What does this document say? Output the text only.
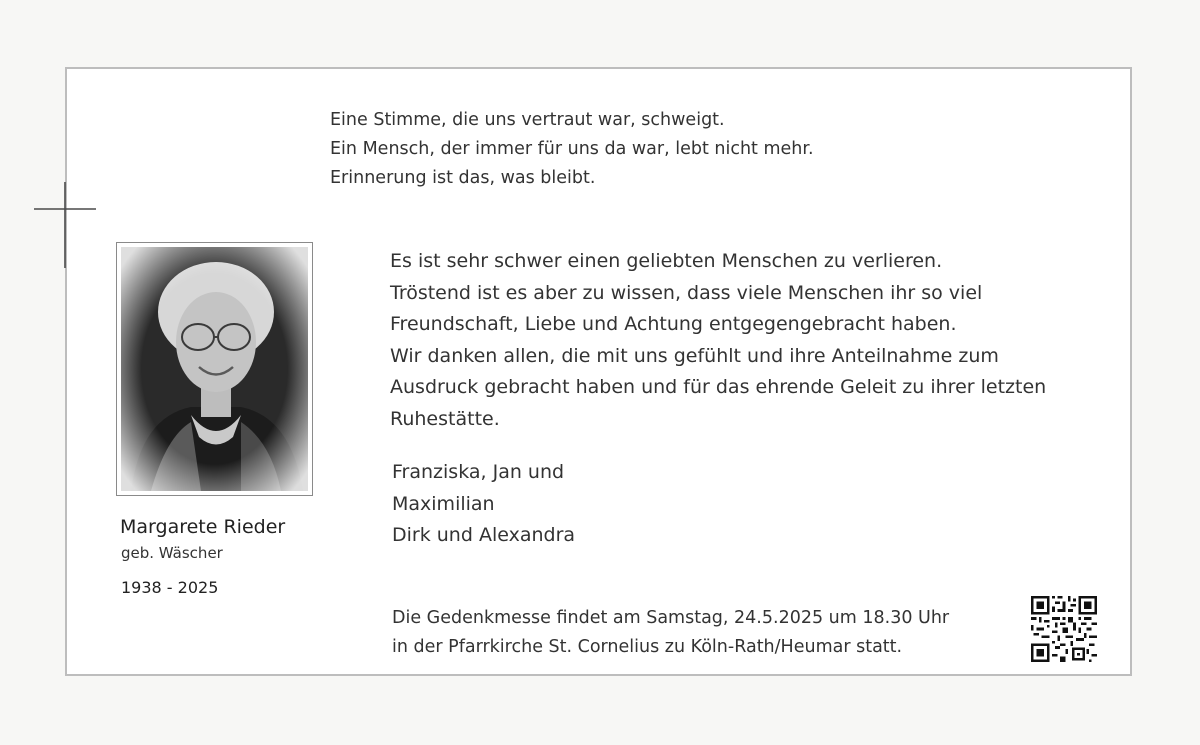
Eine Stimme, die uns vertraut war, schweigt.
Ein Mensch, der immer für uns da war, lebt nicht mehr.
Erinnerung ist das, was bleibt.
Margarete Rieder
geb. Wäscher
1938 - 2025
Es ist sehr schwer einen geliebten Menschen zu verlieren.
Tröstend ist es aber zu wissen, dass viele Menschen ihr so viel
Freundschaft, Liebe und Achtung entgegengebracht haben.
Wir danken allen, die mit uns gefühlt und ihre Anteilnahme zum
Ausdruck gebracht haben und für das ehrende Geleit zu ihrer letzten
Ruhestätte.
Franziska, Jan und
Maximilian
Dirk und Alexandra
Die Gedenkmesse findet am Samstag, 24.5.2025 um 18.30 Uhr
in der Pfarrkirche St. Cornelius zu Köln-Rath/Heumar statt.
